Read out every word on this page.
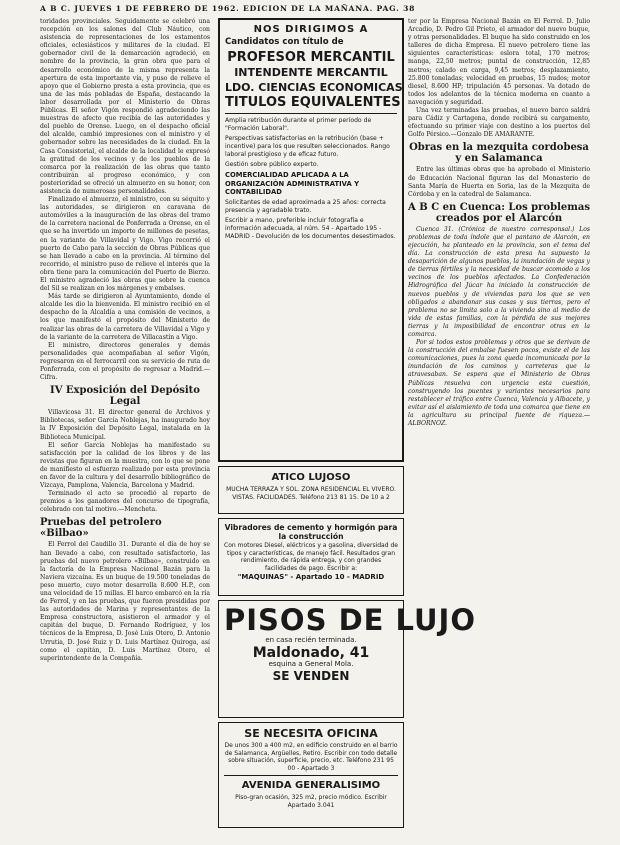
A B C. JUEVES 1 DE FEBRERO DE 1962. EDICION DE LA MAÑANA. PAG. 38

toridades provinciales. Seguidamente se celebró una recepción en los salones del Club Náutico, con asistencia de representaciones de los estamentos oficiales, eclesiásticos y militares de la ciudad. El gobernador civil de la demarcación agradeció, en nombre de la provincia, la gran obra que para el desarrollo económico de la misma representa la apertura de esta importante vía, y puso de relieve el apoyo que el Gobierno presta a esta provincia, que es una de las más pobladas de España, destacando la labor desarrollada por el Ministerio de Obras Públicas. El señor Vigón respondió agradeciendo las muestras de afecto que recibía de las autoridades y del pueblo de Orense. Luego, en el despacho oficial del alcalde, cambió impresiones con el ministro y el gobernador sobre las necesidades de la ciudad. En la Casa Consistorial, el alcalde de la localidad le expresó la gratitud de los vecinos y de los pueblos de la comarca por la realización de las obras que tanto contribuirán al progreso económico, y con posterioridad se ofreció un almuerzo en su honor, con asistencia de numerosas personalidades.

Finalizado el almuerzo, el ministro, con su séquito y las autoridades, se dirigieron en caravana de automóviles a la inauguración de las obras del tramo de la carretera nacional de Ponferrada a Orense, en el que se ha invertido un importe de millones de pesetas, en la variante de Villavidal y Vigo. Vigo recorrió el puerto de Cabo para la sección de Obras Públicas que se han llevado a cabo en la provincia. Al término del recorrido, el ministro puso de relieve el interés que la obra tiene para la comunicación del Puerto de Bierzo. El ministro agradeció las obras que sobre la cuenca del Sil se realizan en los márgenes y embalses.

Más tarde se dirigieron al Ayuntamiento, donde el alcalde les dio la bienvenida. El ministro recibió en el despacho de la Alcaldía a una comisión de vecinos, a los que manifestó el propósito del Ministerio de realizar las obras de la carretera de Villavidal a Vigo y de la variante de la carretera de Villacastín a Vigo.

El ministro, directores generales y demás personalidades que acompañaban al señor Vigón, regresaron en el ferrocarril con su servicio de ruta de Ponferrada, con el propósito de regresar a Madrid.—Cifra.

IV Exposición del Depósito Legal

Villavicosa 31. El director general de Archivos y Bibliotecas, señor García Noblejas, ha inaugurado hoy la IV Exposición del Depósito Legal, instalada en la Biblioteca Municipal.

El señor García Noblejas ha manifestado su satisfacción por la calidad de los libros y de las revistas que figuran en la muestra, con lo que se pone de manifiesto el esfuerzo realizado por esta provincia en favor de la cultura y del desarrollo bibliográfico de Vizcaya, Pamplona, Valencia, Barcelona y Madrid.

Terminado el acto se procedió al reparto de premios a los ganadores del concurso de tipografía, celebrado con tal motivo.—Mencheta.

Pruebas del petrolero «Bilbao»

El Ferrol del Caudillo 31. Durante el día de hoy se han llevado a cabo, con resultado satisfactorio, las pruebas del nuevo petrolero «Bilbao», construido en la factoría de la Empresa Nacional Bazán para la Naviera vizcaína. Es un buque de 19.500 toneladas de peso muerto, cuyo motor desarrolla 8.600 H.P., con una velocidad de 15 millas. El barco embarcó en la ría de Ferrol, y en las pruebas, que fueron presididas por las autoridades de Marina y representantes de la Empresa constructora, asistieron el armador y el capitán del buque, D. Fernando Rodríguez, y los técnicos de la Empresa, D. José Luis Otero, D. Antonio Urrutia, D. José Ruiz y D. Luis Martínez Quiroga, así como el capitán, D. Luis Martínez Otero, el superintendente de la Compañía.

NOS DIRIGIMOS A
Candidatos con título de
PROFESOR MERCANTIL
INTENDENTE MERCANTIL
LDO. CIENCIAS ECONOMICAS
TITULOS EQUIVALENTES
Amplia retribución durante el primer período de "Formación Laboral".
Perspectivas satisfactorias en la retribución (base + incentive) para los que resulten seleccionados. Rango laboral prestigioso y de eficaz futuro.
Gestión sobre público experto.
COMERCIALIDAD APLICADA A LA ORGANIZACIÓN ADMINISTRATIVA Y CONTABILIDAD
Solicitantes de edad aproximada a 25 años: correcta presencia y agradable trato.
Escribir a mano, preferible incluir fotografía e información adecuada, al núm. 54 - Apartado 195 - MADRID - Devolución de los documentos desestimados.
ATICO LUJOSO
MUCHA TERRAZA Y SOL. ZONA RESIDENCIAL EL VIVERO. VISTAS. FACILIDADES. Teléfono 213 81 15. De 10 a 2
Vibradores de cemento y hormigón para la construcción
Con motores Diesel, eléctricos y a gasolina, diversidad de tipos y características, de manejo fácil. Resultados gran rendimiento, de rápida entrega, y con grandes facilidades de pago. Escribir a:
"MAQUINAS" - Apartado 10 - MADRID
PISOS DE LUJO
en casa recién terminada.
Maldonado, 41
esquina a General Mola.
SE VENDEN
SE NECESITA OFICINA
De unos 300 a 400 m2, en edificio construido en el barrio de Salamanca, Argüelles, Retiro. Escribir con todo detalle sobre situación, superficie, precio, etc. Teléfono 231 95 00 - Apartado 3
AVENIDA GENERALISIMO
Piso-gran ocasión, 325 m2, precio módico. Escribir Apartado 3.041

ter por la Empresa Nacional Bazán en El Ferrol. D. Julio Arcadio, D. Pedro Gil Prieto, el armador del nuevo buque, y otras personalidades. El buque ha sido construido en los talleres de dicha Empresa. El nuevo petrolero tiene las siguientes características: eslora total, 170 metros; manga, 22,50 metros; puntal de construcción, 12,85 metros; calado en carga, 9,45 metros; desplazamiento, 25.800 toneladas; velocidad en pruebas, 15 nudos; motor diesel, 8.600 HP; tripulación 45 personas. Va dotado de todos los adelantos de la técnica moderna en cuanto a navegación y seguridad.

Una vez terminadas las pruebas, el nuevo barco saldrá para Cádiz y Cartagena, donde recibirá su cargamento, efectuando su primer viaje con destino a los puertos del Golfo Pérsico.—Gonzalo DE AMARANTE.

Obras en la mezquita cordobesa y en Salamanca

Entre las últimas obras que ha aprobado el Ministerio de Educación Nacional figuran las del Monasterio de Santa María de Huerta en Soria, las de la Mezquita de Córdoba y en la catedral de Salamanca.

A B C en Cuenca: Los problemas creados por el Alarcón

Cuenca 31. (Crónica de nuestro corresponsal.) Los problemas de toda índole que el pantano de Alarcón, en ejecución, ha planteado en la provincia, son el tema del día. La construcción de esta presa ha supuesto la desaparición de algunos pueblos, la inundación de vegas y de tierras fértiles y la necesidad de buscar acomodo a los vecinos de los pueblos afectados. La Confederación Hidrográfica del Júcar ha iniciado la construcción de nuevos pueblos y de viviendas para los que se ven obligados a abandonar sus casas y sus tierras, pero el problema no se limita solo a la vivienda sino al medio de vida de estas familias, con la pérdida de sus mejores tierras y la imposibilidad de encontrar otras en la comarca.

Por si todos estos problemas y otros que se derivan de la construcción del embalse fuesen pocos, existe el de las comunicaciones, pues la zona queda incomunicada por la inundación de los caminos y carreteras que la atravesaban. Se espera que el Ministerio de Obras Públicas resuelva con urgencia esta cuestión, construyendo los puentes y variantes necesarios para restablecer el tráfico entre Cuenca, Valencia y Albacete, y evitar así el aislamiento de toda una comarca que tiene en la agricultura su principal fuente de riqueza.—ALBORNOZ.
